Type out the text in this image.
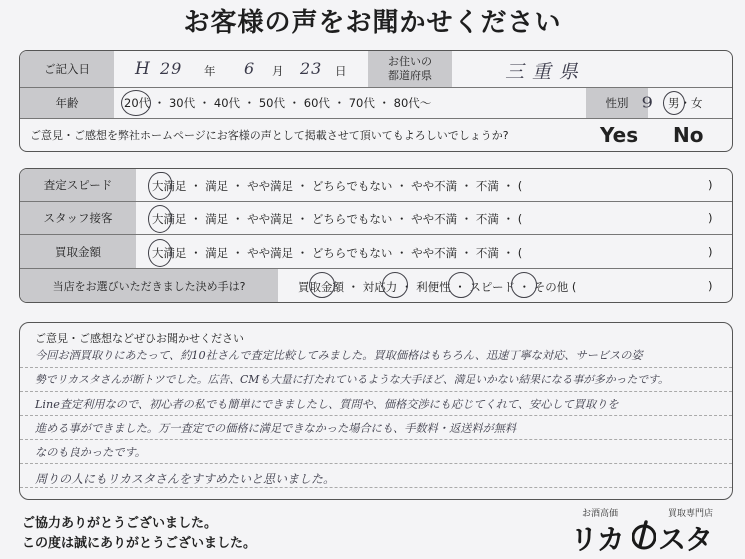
お客様の声をお聞かせください
ご記入日	H 29 年 6 月 23 日
お住いの
都道府県	三重県
年齢	20代 ・ 30代 ・ 40代 ・ 50代 ・ 60代 ・ 70代 ・ 80代～	性別	男・女
ご意見・ご感想を弊社ホームページにお客様の声として掲載させて頂いてもよろしいでしょうか?	Yes No
⁹
査定スピード	大満足 ・ 満足 ・ やや満足 ・ どちらでもない ・ やや不満 ・ 不満 ・ (	)
スタッフ接客	大満足 ・ 満足 ・ やや満足 ・ どちらでもない ・ やや不満 ・ 不満 ・ (	)
買取金額	大満足 ・ 満足 ・ やや満足 ・ どちらでもない ・ やや不満 ・ 不満 ・ (	)
当店をお選びいただきました決め手は?	買取金額 ・ 対応力 ・ 利便性 ・ スピード ・ その他 (	)
ご意見・ご感想などぜひお聞かせください
今回お酒買取りにあたって、約10社さんで査定比較してみました。買取価格はもちろん、迅速丁寧な対応、サービスの姿
勢でリカスタさんが断トツでした。広告、CMも大量に打たれているような大手ほど、満足いかない結果になる事が多かったです。
Line査定利用なので、初心者の私でも簡単にできましたし、質問や、価格交渉にも応じてくれて、安心して買取りを
進める事ができました。万一査定での価格に満足できなかった場合にも、手数料・返送料が無料
なのも良かったです。
周りの人にもリカスタさんをすすめたいと思いました。
ご協力ありがとうございました。
この度は誠にありがとうございました。
お酒高価	買取専門店
リカ スタ
